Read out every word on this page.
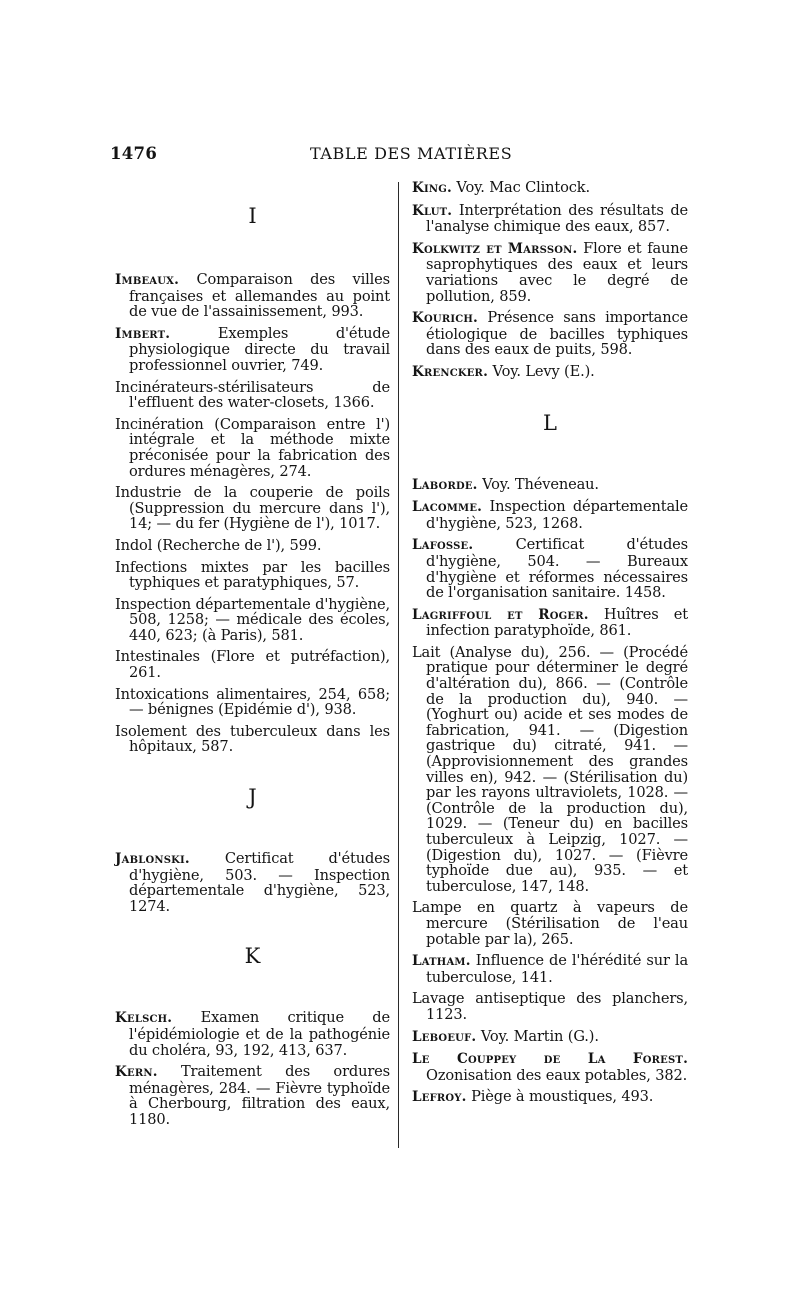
1476	TABLE DES MATIÈRES
I

Imbeaux. Comparaison des villes françaises et allemandes au point de vue de l'assainissement, 993.

Imbert.	Exemples d'étude physiologique directe du travail professionnel ouvrier, 749.

Incinérateurs-stérilisateurs de l'effluent des water-closets, 1366.

Incinération (Comparaison entre l') intégrale et la méthode mixte préconisée pour la fabrication des ordures ménagères, 274.

Industrie de la couperie de poils (Suppression du mercure dans l'), 14; — du fer (Hygiène de l'), 1017.

Indol (Recherche de l'), 599.

Infections mixtes par les bacilles typhiques et paratyphiques, 57.

Inspection départementale d'hygiène, 508, 1258; — médicale des écoles, 440, 623; (à Paris), 581.

Intestinales (Flore et putréfaction), 261.

Intoxications alimentaires, 254, 658; — bénignes (Epidémie d'), 938.

Isolement des tuberculeux dans les hôpitaux, 587.

J

Jablonski. Certificat d'études d'hygiène, 503. — Inspection départementale d'hygiène, 523, 1274.

K

Kelsch. Examen critique de l'épidémiologie et de la pathogénie du choléra, 93, 192, 413, 637.

Kern. Traitement des ordures ménagères, 284. — Fièvre typhoïde à Cherbourg, filtration des eaux, 1180.

King. Voy. Mac Clintock.

Klut. Interprétation des résultats de l'analyse chimique des eaux, 857.

Kolkwitz et Marsson. Flore et faune saprophytiques des eaux et leurs variations avec le degré de pollution, 859.

Kourich. Présence sans importance étiologique de bacilles typhiques dans des eaux de puits, 598.

Krencker. Voy. Levy (E.).

L

Laborde. Voy. Théveneau.

Lacomme. Inspection départementale d'hygiène, 523, 1268.

Lafosse.	Certificat d'études d'hygiène, 504. — Bureaux d'hygiène et réformes nécessaires de l'organisation sanitaire. 1458.

Lagriffoul et Roger. Huîtres et infection paratyphoïde, 861.

Lait (Analyse du), 256. — (Procédé pratique pour déterminer le degré d'altération du), 866. — (Contrôle de la production du), 940. — (Yoghurt ou) acide et ses modes de fabrication, 941. — (Digestion gastrique du) citraté, 941. — (Approvisionnement des grandes villes en), 942. — (Stérilisation du) par les rayons ultraviolets, 1028. — (Contrôle de la production du), 1029. — (Teneur du) en bacilles tuberculeux à Leipzig, 1027. — (Digestion du), 1027. — (Fièvre typhoïde due au), 935. — et tuberculose, 147, 148.

Lampe en quartz à vapeurs de mercure (Stérilisation de l'eau potable par la), 265.

Latham. Influence de l'hérédité sur la tuberculose, 141.

Lavage antiseptique des planchers, 1123.

Leboeuf. Voy. Martin (G.).

Le Couppey de La Forest. Ozonisation des eaux potables, 382.

Lefroy. Piège à moustiques, 493.
